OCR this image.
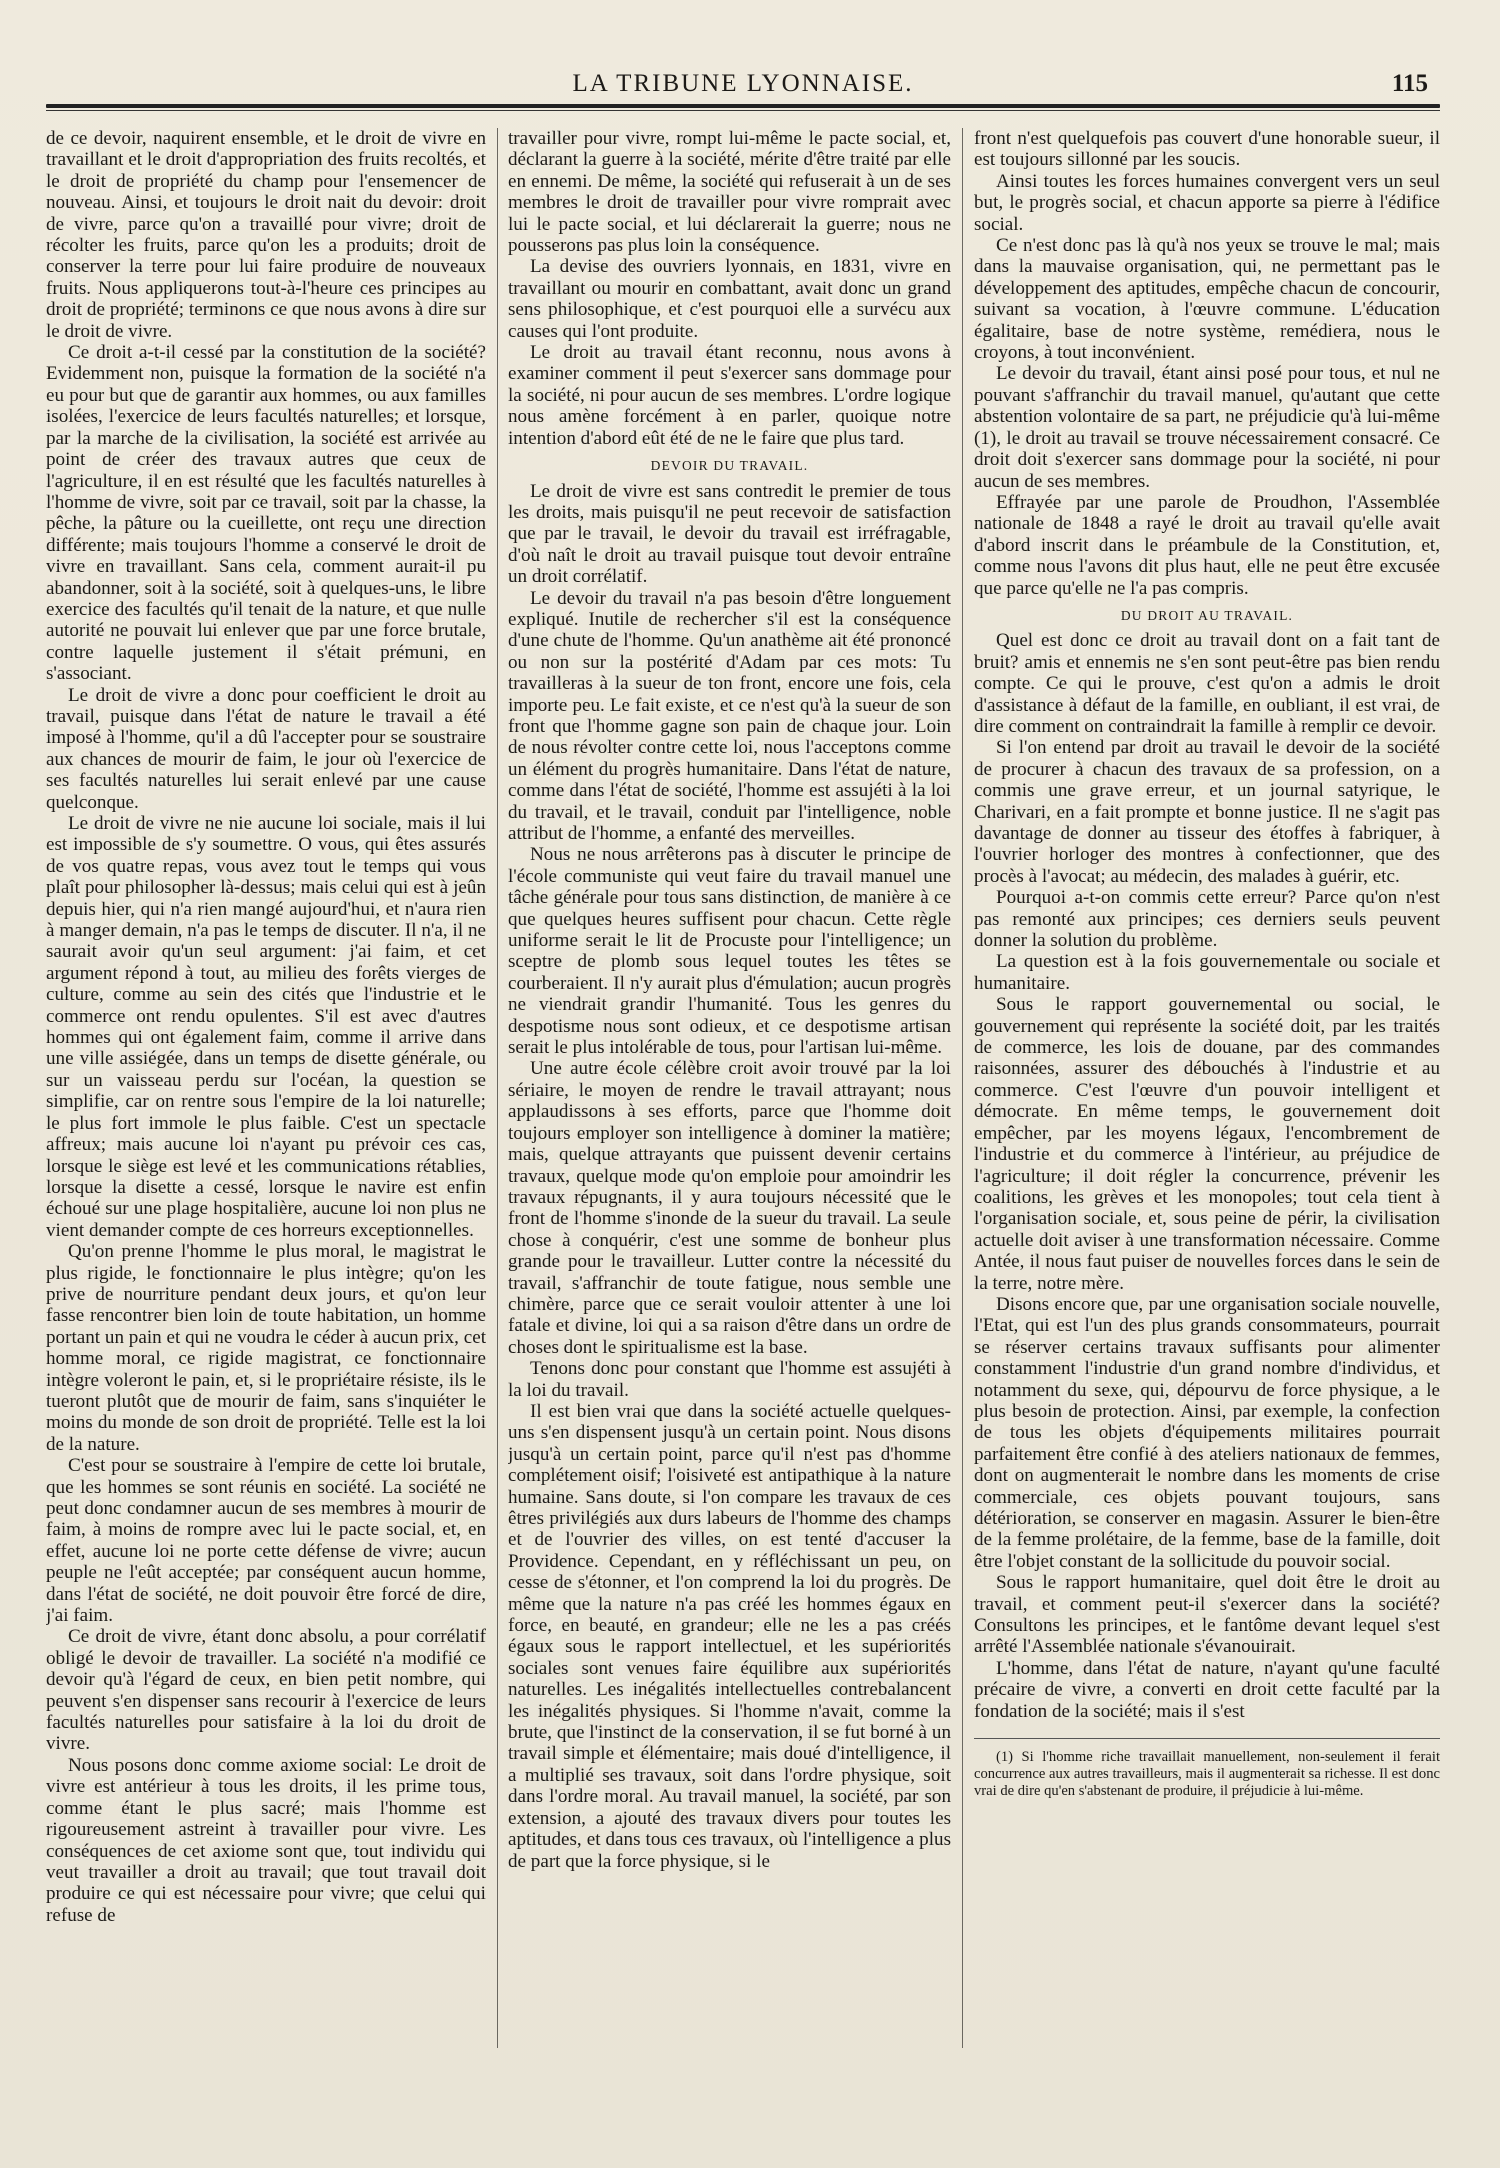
LA TRIBUNE LYONNAISE.	115

de ce devoir, naquirent ensemble, et le droit de vivre en travaillant et le droit d'appropriation des fruits recoltés, et le droit de propriété du champ pour l'ensemencer de nouveau. Ainsi, et toujours le droit nait du devoir: droit de vivre, parce qu'on a travaillé pour vivre; droit de récolter les fruits, parce qu'on les a produits; droit de conserver la terre pour lui faire produire de nouveaux fruits. Nous appliquerons tout-à-l'heure ces principes au droit de propriété; terminons ce que nous avons à dire sur le droit de vivre.

Ce droit a-t-il cessé par la constitution de la société? Evidemment non, puisque la formation de la société n'a eu pour but que de garantir aux hommes, ou aux familles isolées, l'exercice de leurs facultés naturelles; et lorsque, par la marche de la civilisation, la société est arrivée au point de créer des travaux autres que ceux de l'agriculture, il en est résulté que les facultés naturelles à l'homme de vivre, soit par ce travail, soit par la chasse, la pêche, la pâture ou la cueillette, ont reçu une direction différente; mais toujours l'homme a conservé le droit de vivre en travaillant. Sans cela, comment aurait-il pu abandonner, soit à la société, soit à quelques-uns, le libre exercice des facultés qu'il tenait de la nature, et que nulle autorité ne pouvait lui enlever que par une force brutale, contre laquelle justement il s'était prémuni, en s'associant.

Le droit de vivre a donc pour coefficient le droit au travail, puisque dans l'état de nature le travail a été imposé à l'homme, qu'il a dû l'accepter pour se soustraire aux chances de mourir de faim, le jour où l'exercice de ses facultés naturelles lui serait enlevé par une cause quelconque.

Le droit de vivre ne nie aucune loi sociale, mais il lui est impossible de s'y soumettre. O vous, qui êtes assurés de vos quatre repas, vous avez tout le temps qui vous plaît pour philosopher là-dessus; mais celui qui est à jeûn depuis hier, qui n'a rien mangé aujourd'hui, et n'aura rien à manger demain, n'a pas le temps de discuter. Il n'a, il ne saurait avoir qu'un seul argument: j'ai faim, et cet argument répond à tout, au milieu des forêts vierges de culture, comme au sein des cités que l'industrie et le commerce ont rendu opulentes. S'il est avec d'autres hommes qui ont également faim, comme il arrive dans une ville assiégée, dans un temps de disette générale, ou sur un vaisseau perdu sur l'océan, la question se simplifie, car on rentre sous l'empire de la loi naturelle; le plus fort immole le plus faible. C'est un spectacle affreux; mais aucune loi n'ayant pu prévoir ces cas, lorsque le siège est levé et les communications rétablies, lorsque la disette a cessé, lorsque le navire est enfin échoué sur une plage hospitalière, aucune loi non plus ne vient demander compte de ces horreurs exceptionnelles.

Qu'on prenne l'homme le plus moral, le magistrat le plus rigide, le fonctionnaire le plus intègre; qu'on les prive de nourriture pendant deux jours, et qu'on leur fasse rencontrer bien loin de toute habitation, un homme portant un pain et qui ne voudra le céder à aucun prix, cet homme moral, ce rigide magistrat, ce fonctionnaire intègre voleront le pain, et, si le propriétaire résiste, ils le tueront plutôt que de mourir de faim, sans s'inquiéter le moins du monde de son droit de propriété. Telle est la loi de la nature.

C'est pour se soustraire à l'empire de cette loi brutale, que les hommes se sont réunis en société. La société ne peut donc condamner aucun de ses membres à mourir de faim, à moins de rompre avec lui le pacte social, et, en effet, aucune loi ne porte cette défense de vivre; aucun peuple ne l'eût acceptée; par conséquent aucun homme, dans l'état de société, ne doit pouvoir être forcé de dire, j'ai faim.

Ce droit de vivre, étant donc absolu, a pour corrélatif obligé le devoir de travailler. La société n'a modifié ce devoir qu'à l'égard de ceux, en bien petit nombre, qui peuvent s'en dispenser sans recourir à l'exercice de leurs facultés naturelles pour satisfaire à la loi du droit de vivre.

Nous posons donc comme axiome social: Le droit de vivre est antérieur à tous les droits, il les prime tous, comme étant le plus sacré; mais l'homme est rigoureusement astreint à travailler pour vivre. Les conséquences de cet axiome sont que, tout individu qui veut travailler a droit au travail; que tout travail doit produire ce qui est nécessaire pour vivre; que celui qui refuse de

travailler pour vivre, rompt lui-même le pacte social, et, déclarant la guerre à la société, mérite d'être traité par elle en ennemi. De même, la société qui refuserait à un de ses membres le droit de travailler pour vivre romprait avec lui le pacte social, et lui déclarerait la guerre; nous ne pousserons pas plus loin la conséquence.

La devise des ouvriers lyonnais, en 1831, vivre en travaillant ou mourir en combattant, avait donc un grand sens philosophique, et c'est pourquoi elle a survécu aux causes qui l'ont produite.

Le droit au travail étant reconnu, nous avons à examiner comment il peut s'exercer sans dommage pour la société, ni pour aucun de ses membres. L'ordre logique nous amène forcément à en parler, quoique notre intention d'abord eût été de ne le faire que plus tard.

DEVOIR DU TRAVAIL.

Le droit de vivre est sans contredit le premier de tous les droits, mais puisqu'il ne peut recevoir de satisfaction que par le travail, le devoir du travail est irréfragable, d'où naît le droit au travail puisque tout devoir entraîne un droit corrélatif.

Le devoir du travail n'a pas besoin d'être longuement expliqué. Inutile de rechercher s'il est la conséquence d'une chute de l'homme. Qu'un anathème ait été prononcé ou non sur la postérité d'Adam par ces mots: Tu travailleras à la sueur de ton front, encore une fois, cela importe peu. Le fait existe, et ce n'est qu'à la sueur de son front que l'homme gagne son pain de chaque jour. Loin de nous révolter contre cette loi, nous l'acceptons comme un élément du progrès humanitaire. Dans l'état de nature, comme dans l'état de société, l'homme est assujéti à la loi du travail, et le travail, conduit par l'intelligence, noble attribut de l'homme, a enfanté des merveilles.

Nous ne nous arrêterons pas à discuter le principe de l'école communiste qui veut faire du travail manuel une tâche générale pour tous sans distinction, de manière à ce que quelques heures suffisent pour chacun. Cette règle uniforme serait le lit de Procuste pour l'intelligence; un sceptre de plomb sous lequel toutes les têtes se courberaient. Il n'y aurait plus d'émulation; aucun progrès ne viendrait grandir l'humanité. Tous les genres du despotisme nous sont odieux, et ce despotisme artisan serait le plus intolérable de tous, pour l'artisan lui-même.

Une autre école célèbre croit avoir trouvé par la loi sériaire, le moyen de rendre le travail attrayant; nous applaudissons à ses efforts, parce que l'homme doit toujours employer son intelligence à dominer la matière; mais, quelque attrayants que puissent devenir certains travaux, quelque mode qu'on emploie pour amoindrir les travaux répugnants, il y aura toujours nécessité que le front de l'homme s'inonde de la sueur du travail. La seule chose à conquérir, c'est une somme de bonheur plus grande pour le travailleur. Lutter contre la nécessité du travail, s'affranchir de toute fatigue, nous semble une chimère, parce que ce serait vouloir attenter à une loi fatale et divine, loi qui a sa raison d'être dans un ordre de choses dont le spiritualisme est la base.

Tenons donc pour constant que l'homme est assujéti à la loi du travail.

Il est bien vrai que dans la société actuelle quelques-uns s'en dispensent jusqu'à un certain point. Nous disons jusqu'à un certain point, parce qu'il n'est pas d'homme complétement oisif; l'oisiveté est antipathique à la nature humaine. Sans doute, si l'on compare les travaux de ces êtres privilégiés aux durs labeurs de l'homme des champs et de l'ouvrier des villes, on est tenté d'accuser la Providence. Cependant, en y réfléchissant un peu, on cesse de s'étonner, et l'on comprend la loi du progrès. De même que la nature n'a pas créé les hommes égaux en force, en beauté, en grandeur; elle ne les a pas créés égaux sous le rapport intellectuel, et les supériorités sociales sont venues faire équilibre aux supériorités naturelles. Les inégalités intellectuelles contrebalancent les inégalités physiques. Si l'homme n'avait, comme la brute, que l'instinct de la conservation, il se fut borné à un travail simple et élémentaire; mais doué d'intelligence, il a multiplié ses travaux, soit dans l'ordre physique, soit dans l'ordre moral. Au travail manuel, la société, par son extension, a ajouté des travaux divers pour toutes les aptitudes, et dans tous ces travaux, où l'intelligence a plus de part que la force physique, si le

front n'est quelquefois pas couvert d'une honorable sueur, il est toujours sillonné par les soucis.

Ainsi toutes les forces humaines convergent vers un seul but, le progrès social, et chacun apporte sa pierre à l'édifice social.

Ce n'est donc pas là qu'à nos yeux se trouve le mal; mais dans la mauvaise organisation, qui, ne permettant pas le développement des aptitudes, empêche chacun de concourir, suivant sa vocation, à l'œuvre commune. L'éducation égalitaire, base de notre système, remédiera, nous le croyons, à tout inconvénient.

Le devoir du travail, étant ainsi posé pour tous, et nul ne pouvant s'affranchir du travail manuel, qu'autant que cette abstention volontaire de sa part, ne préjudicie qu'à lui-même (1), le droit au travail se trouve nécessairement consacré. Ce droit doit s'exercer sans dommage pour la société, ni pour aucun de ses membres.

Effrayée par une parole de Proudhon, l'Assemblée nationale de 1848 a rayé le droit au travail qu'elle avait d'abord inscrit dans le préambule de la Constitution, et, comme nous l'avons dit plus haut, elle ne peut être excusée que parce qu'elle ne l'a pas compris.

DU DROIT AU TRAVAIL.

Quel est donc ce droit au travail dont on a fait tant de bruit? amis et ennemis ne s'en sont peut-être pas bien rendu compte. Ce qui le prouve, c'est qu'on a admis le droit d'assistance à défaut de la famille, en oubliant, il est vrai, de dire comment on contraindrait la famille à remplir ce devoir.

Si l'on entend par droit au travail le devoir de la société de procurer à chacun des travaux de sa profession, on a commis une grave erreur, et un journal satyrique, le Charivari, en a fait prompte et bonne justice. Il ne s'agit pas davantage de donner au tisseur des étoffes à fabriquer, à l'ouvrier horloger des montres à confectionner, que des procès à l'avocat; au médecin, des malades à guérir, etc.

Pourquoi a-t-on commis cette erreur? Parce qu'on n'est pas remonté aux principes; ces derniers seuls peuvent donner la solution du problème.

La question est à la fois gouvernementale ou sociale et humanitaire.

Sous le rapport gouvernemental ou social, le gouvernement qui représente la société doit, par les traités de commerce, les lois de douane, par des commandes raisonnées, assurer des débouchés à l'industrie et au commerce. C'est l'œuvre d'un pouvoir intelligent et démocrate. En même temps, le gouvernement doit empêcher, par les moyens légaux, l'encombrement de l'industrie et du commerce à l'intérieur, au préjudice de l'agriculture; il doit régler la concurrence, prévenir les coalitions, les grèves et les monopoles; tout cela tient à l'organisation sociale, et, sous peine de périr, la civilisation actuelle doit aviser à une transformation nécessaire. Comme Antée, il nous faut puiser de nouvelles forces dans le sein de la terre, notre mère.

Disons encore que, par une organisation sociale nouvelle, l'Etat, qui est l'un des plus grands consommateurs, pourrait se réserver certains travaux suffisants pour alimenter constamment l'industrie d'un grand nombre d'individus, et notamment du sexe, qui, dépourvu de force physique, a le plus besoin de protection. Ainsi, par exemple, la confection de tous les objets d'équipements militaires pourrait parfaitement être confié à des ateliers nationaux de femmes, dont on augmenterait le nombre dans les moments de crise commerciale, ces objets pouvant toujours, sans détérioration, se conserver en magasin. Assurer le bien-être de la femme prolétaire, de la femme, base de la famille, doit être l'objet constant de la sollicitude du pouvoir social.

Sous le rapport humanitaire, quel doit être le droit au travail, et comment peut-il s'exercer dans la société? Consultons les principes, et le fantôme devant lequel s'est arrêté l'Assemblée nationale s'évanouirait.

L'homme, dans l'état de nature, n'ayant qu'une faculté précaire de vivre, a converti en droit cette faculté par la fondation de la société; mais il s'est

(1) Si l'homme riche travaillait manuellement, non-seulement il ferait concurrence aux autres travailleurs, mais il augmenterait sa richesse. Il est donc vrai de dire qu'en s'abstenant de produire, il préjudicie à lui-même.
